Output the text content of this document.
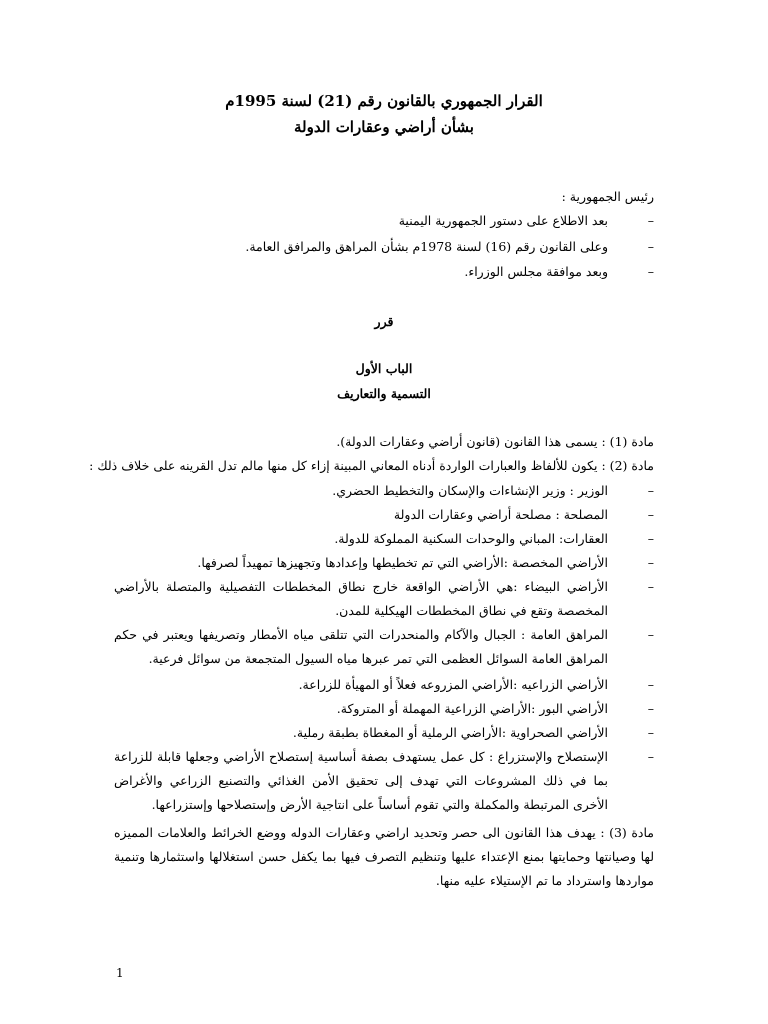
القرار الجمهوري بالقانون رقم (21) لسنة 1995م
بشأن أراضي وعقارات الدولة
رئيس الجمهورية :
–
بعد الاطلاع على دستور الجمهورية اليمنية
–
وعلى القانون رقم (16) لسنة 1978م بشأن المراهق والمرافق العامة.
–
وبعد موافقة مجلس الوزراء.
قرر
الباب الأول
التسمية والتعاريف
مادة (1) : يسمى هذا القانون (قانون أراضي وعقارات الدولة).
مادة (2) : يكون للألفاظ والعبارات الواردة أدناه المعاني المبينة إزاء كل منها مالم تدل القرينه على خلاف ذلك :
–
الوزير : وزير الإنشاءات والإسكان والتخطيط الحضري.
–
المصلحة : مصلحة أراضي وعقارات الدولة
–
العقارات: المباني والوحدات السكنية المملوكة للدولة.
–
الأراضي المخصصة :الأراضي التي تم تخطيطها وإعدادها وتجهيزها تمهيداً لصرفها.
–
الأراضي البيضاء :هي الأراضي الواقعة خارج نطاق المخططات التفصيلية والمتصلة بالأراضي المخصصة وتقع في نطاق المخططات الهيكلية للمدن.
–
المراهق العامة : الجبال والآكام والمنحدرات التي تتلقى مياه الأمطار وتصريفها ويعتبر في حكم المراهق العامة السوائل العظمى التي تمر عبرها مياه السيول المتجمعة من سوائل فرعية.
–
الأراضي الزراعيه :الأراضي المزروعه فعلاً أو المهيأة للزراعة.
–
الأراضي البور :الأراضي الزراعية المهملة أو المتروكة.
–
الأراضي الصحراوية :الأراضي الرملية أو المغطاة بطبقة رملية.
–
الإستصلاح والإستزراع : كل عمل يستهدف بصفة أساسية إستصلاح الأراضي وجعلها قابلة للزراعة بما في ذلك المشروعات التي تهدف إلى تحقيق الأمن الغذائي والتصنيع الزراعي والأغراض الأخرى المرتبطة والمكملة والتي تقوم أساساً على انتاجية الأرض وإستصلاحها وإستزراعها.
مادة (3) : يهدف هذا القانون الى حصر وتحديد اراضي وعقارات الدوله ووضع الخرائط والعلامات المميزه لها وصيانتها وحمايتها بمنع الإعتداء عليها وتنظيم التصرف فيها بما يكفل حسن استغلالها واستثمارها وتنمية مواردها واسترداد ما تم الإستيلاء عليه منها.
1
